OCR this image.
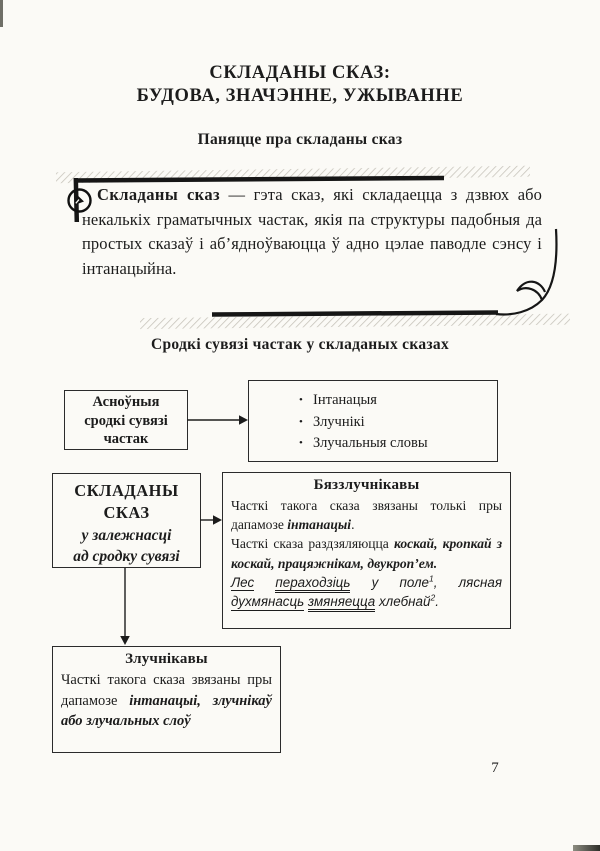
СКЛАДАНЫ СКАЗ:
БУДОВА, ЗНАЧЭННЕ, УЖЫВАННЕ
Паняцце пра складаны сказ
Складаны сказ — гэта сказ, які складаецца з дзвюх або некалькіх граматычных частак, якія па структуры падобныя да простых сказаў і аб’ядноўваюцца ў адно цэлае паводле сэнсу і інтанацыйна.
Сродкі сувязі частак у складаных сказах
Асноўныя
сродкі сувязі
частак
• Інтанацыя
• Злучнікі
• Злучальныя словы
СКЛАДАНЫ
СКАЗ
у залежнасці
ад сродку сувязі
Бяззлучнікавы

Часткі такога сказа звязаны толькі пры дапамозе інтанацыі.

Часткі сказа раздзяляюцца коскай, кропкай з коскай, працяжнікам, двукроп’ем.

Лес пераходзіць у поле$^1$, лясная духмянасць змяняецца хлебнай$^2$.

Злучнікавы

Часткі такога сказа звязаны пры дапамозе інтанацыі, злучнікаў або злучальных слоў

7
